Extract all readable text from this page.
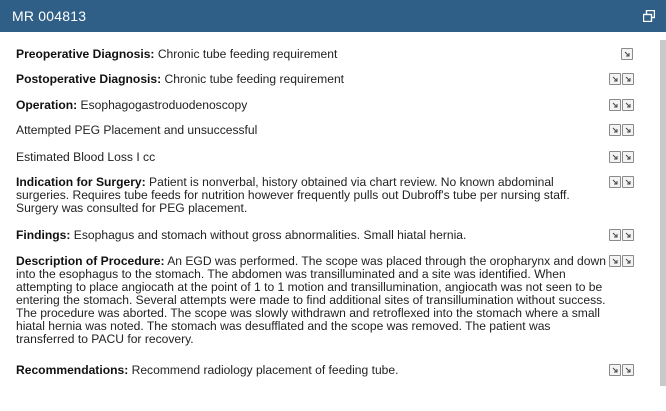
MR 004813
Preoperative Diagnosis: Chronic tube feeding requirement
Postoperative Diagnosis: Chronic tube feeding requirement
Operation: Esophagogastroduodenoscopy
Attempted PEG Placement and unsuccessful
Estimated Blood Loss I cc
Indication for Surgery: Patient is nonverbal, history obtained via chart review. No known abdominal surgeries. Requires tube feeds for nutrition however frequently pulls out Dubroff's tube per nursing staff. Surgery was consulted for PEG placement.
Findings: Esophagus and stomach without gross abnormalities. Small hiatal hernia.
Description of Procedure: An EGD was performed. The scope was placed through the oropharynx and down into the esophagus to the stomach. The abdomen was transilluminated and a site was identified. When attempting to place angiocath at the point of 1 to 1 motion and transillumination, angiocath was not seen to be entering the stomach. Several attempts were made to find additional sites of transillumination without success. The procedure was aborted. The scope was slowly withdrawn and retroflexed into the stomach where a small hiatal hernia was noted. The stomach was desufflated and the scope was removed. The patient was transferred to PACU for recovery.
Recommendations: Recommend radiology placement of feeding tube.
